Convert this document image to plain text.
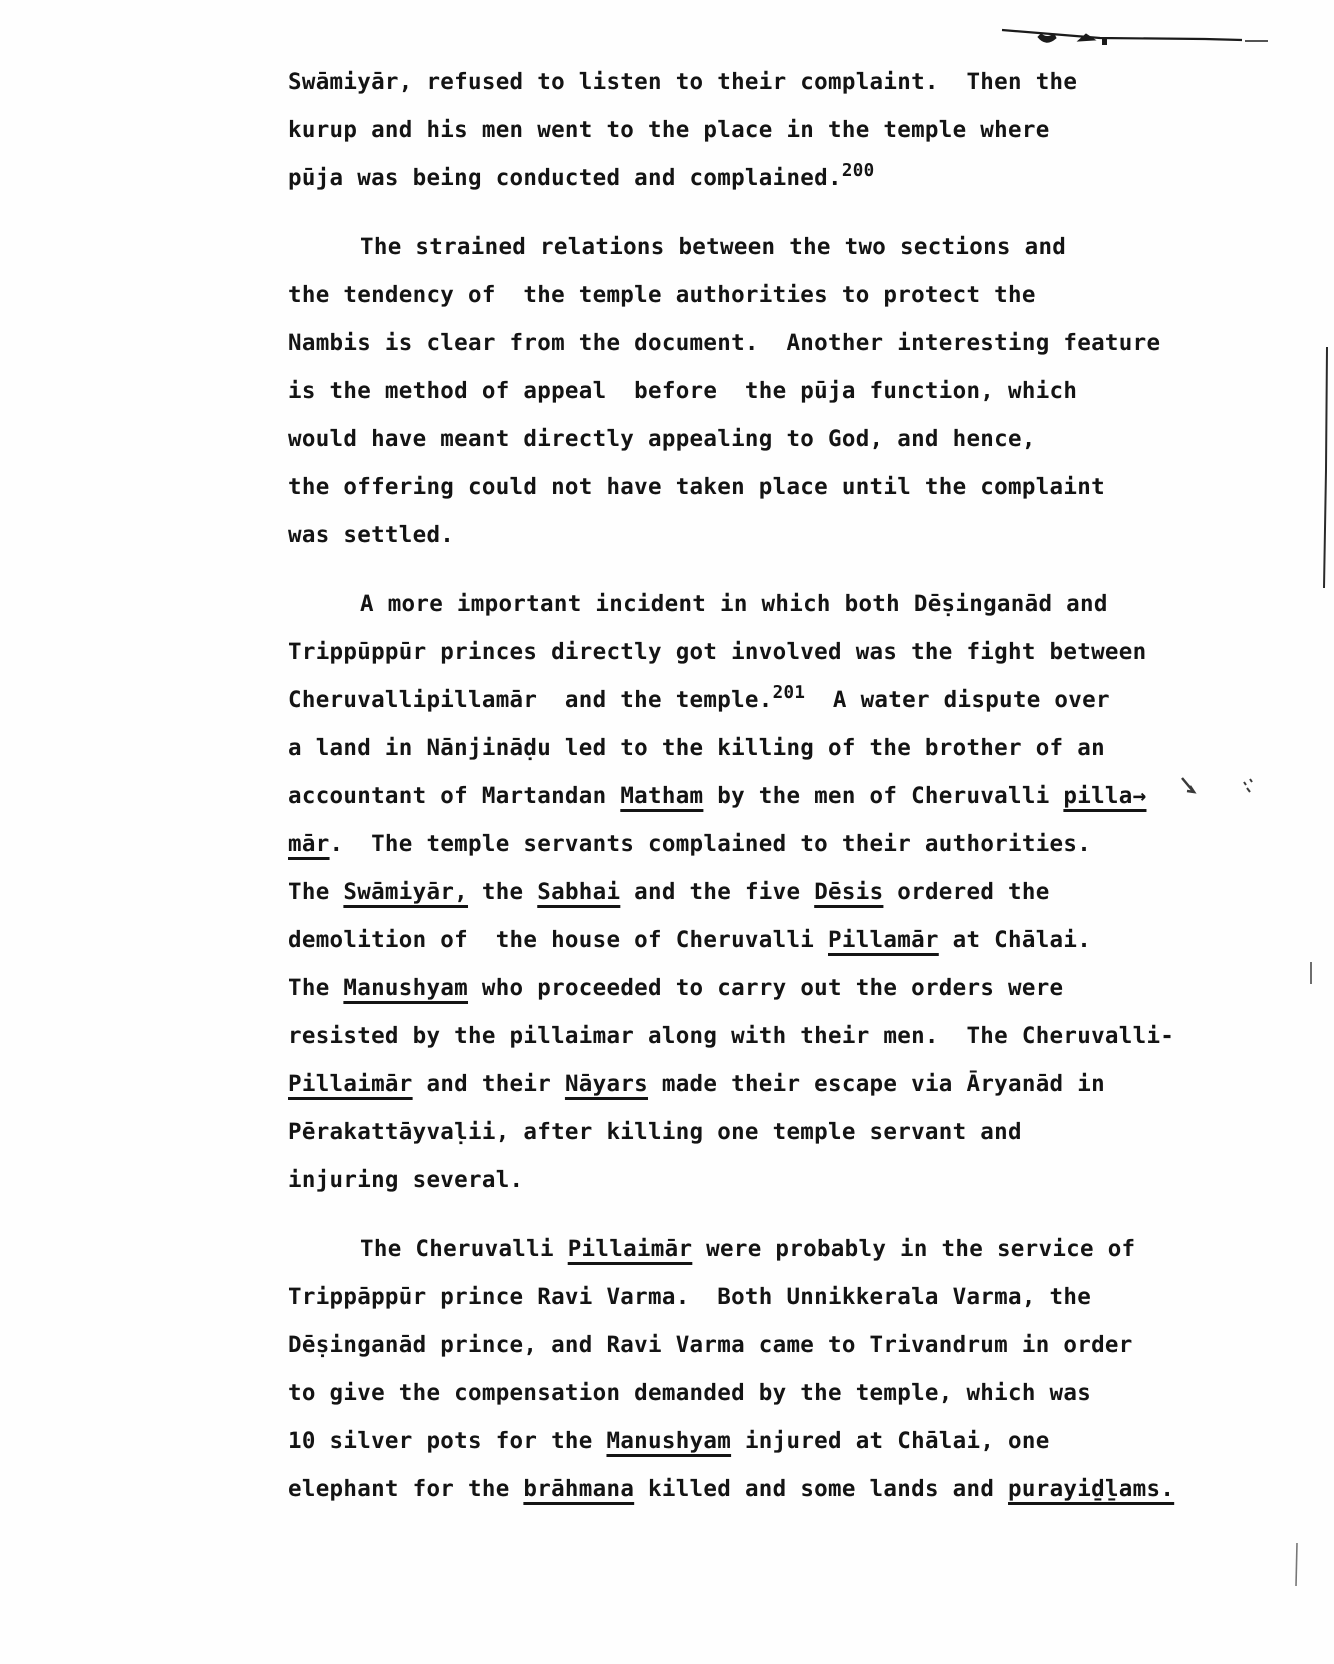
Swāmiyār, refused to listen to their complaint.  Then the
kurup and his men went to the place in the temple where
pūja was being conducted and complained.$^{200}$
The strained relations between the two sections and
the tendency of  the temple authorities to protect the
Nambis is clear from the document.  Another interesting feature
is the method of appeal  before  the pūja function, which
would have meant directly appealing to God, and hence,
the offering could not have taken place until the complaint
was settled.
A more important incident in which both Dēṣinganād and
Trippūppūr princes directly got involved was the fight between
Cheruvallipillamār  and the temple.$^{201}$  A water dispute over
a land in Nānjināḍu led to the killing of the brother of an
accountant of Martandan Matham by the men of Cheruvalli pilla→
mār.  The temple servants complained to their authorities.
The Swāmiyār, the Sabhai and the five Dēsis ordered the
demolition of  the house of Cheruvalli Pillamār at Chālai.
The Manushyam who proceeded to carry out the orders were
resisted by the pillaimar along with their men.  The Cheruvalli-
Pillaimār and their Nāyars made their escape via Āryanād in
Pērakattāyvaḷii, after killing one temple servant and
injuring several.
The Cheruvalli Pillaimār were probably in the service of
Trippāppūr prince Ravi Varma.  Both Unnikkerala Varma, the
Dēṣinganād prince, and Ravi Varma came to Trivandrum in order
to give the compensation demanded by the temple, which was
10 silver pots for the Manushyam injured at Chālai, one
elephant for the brāhmana killed and some lands and purayiḏḻams.
